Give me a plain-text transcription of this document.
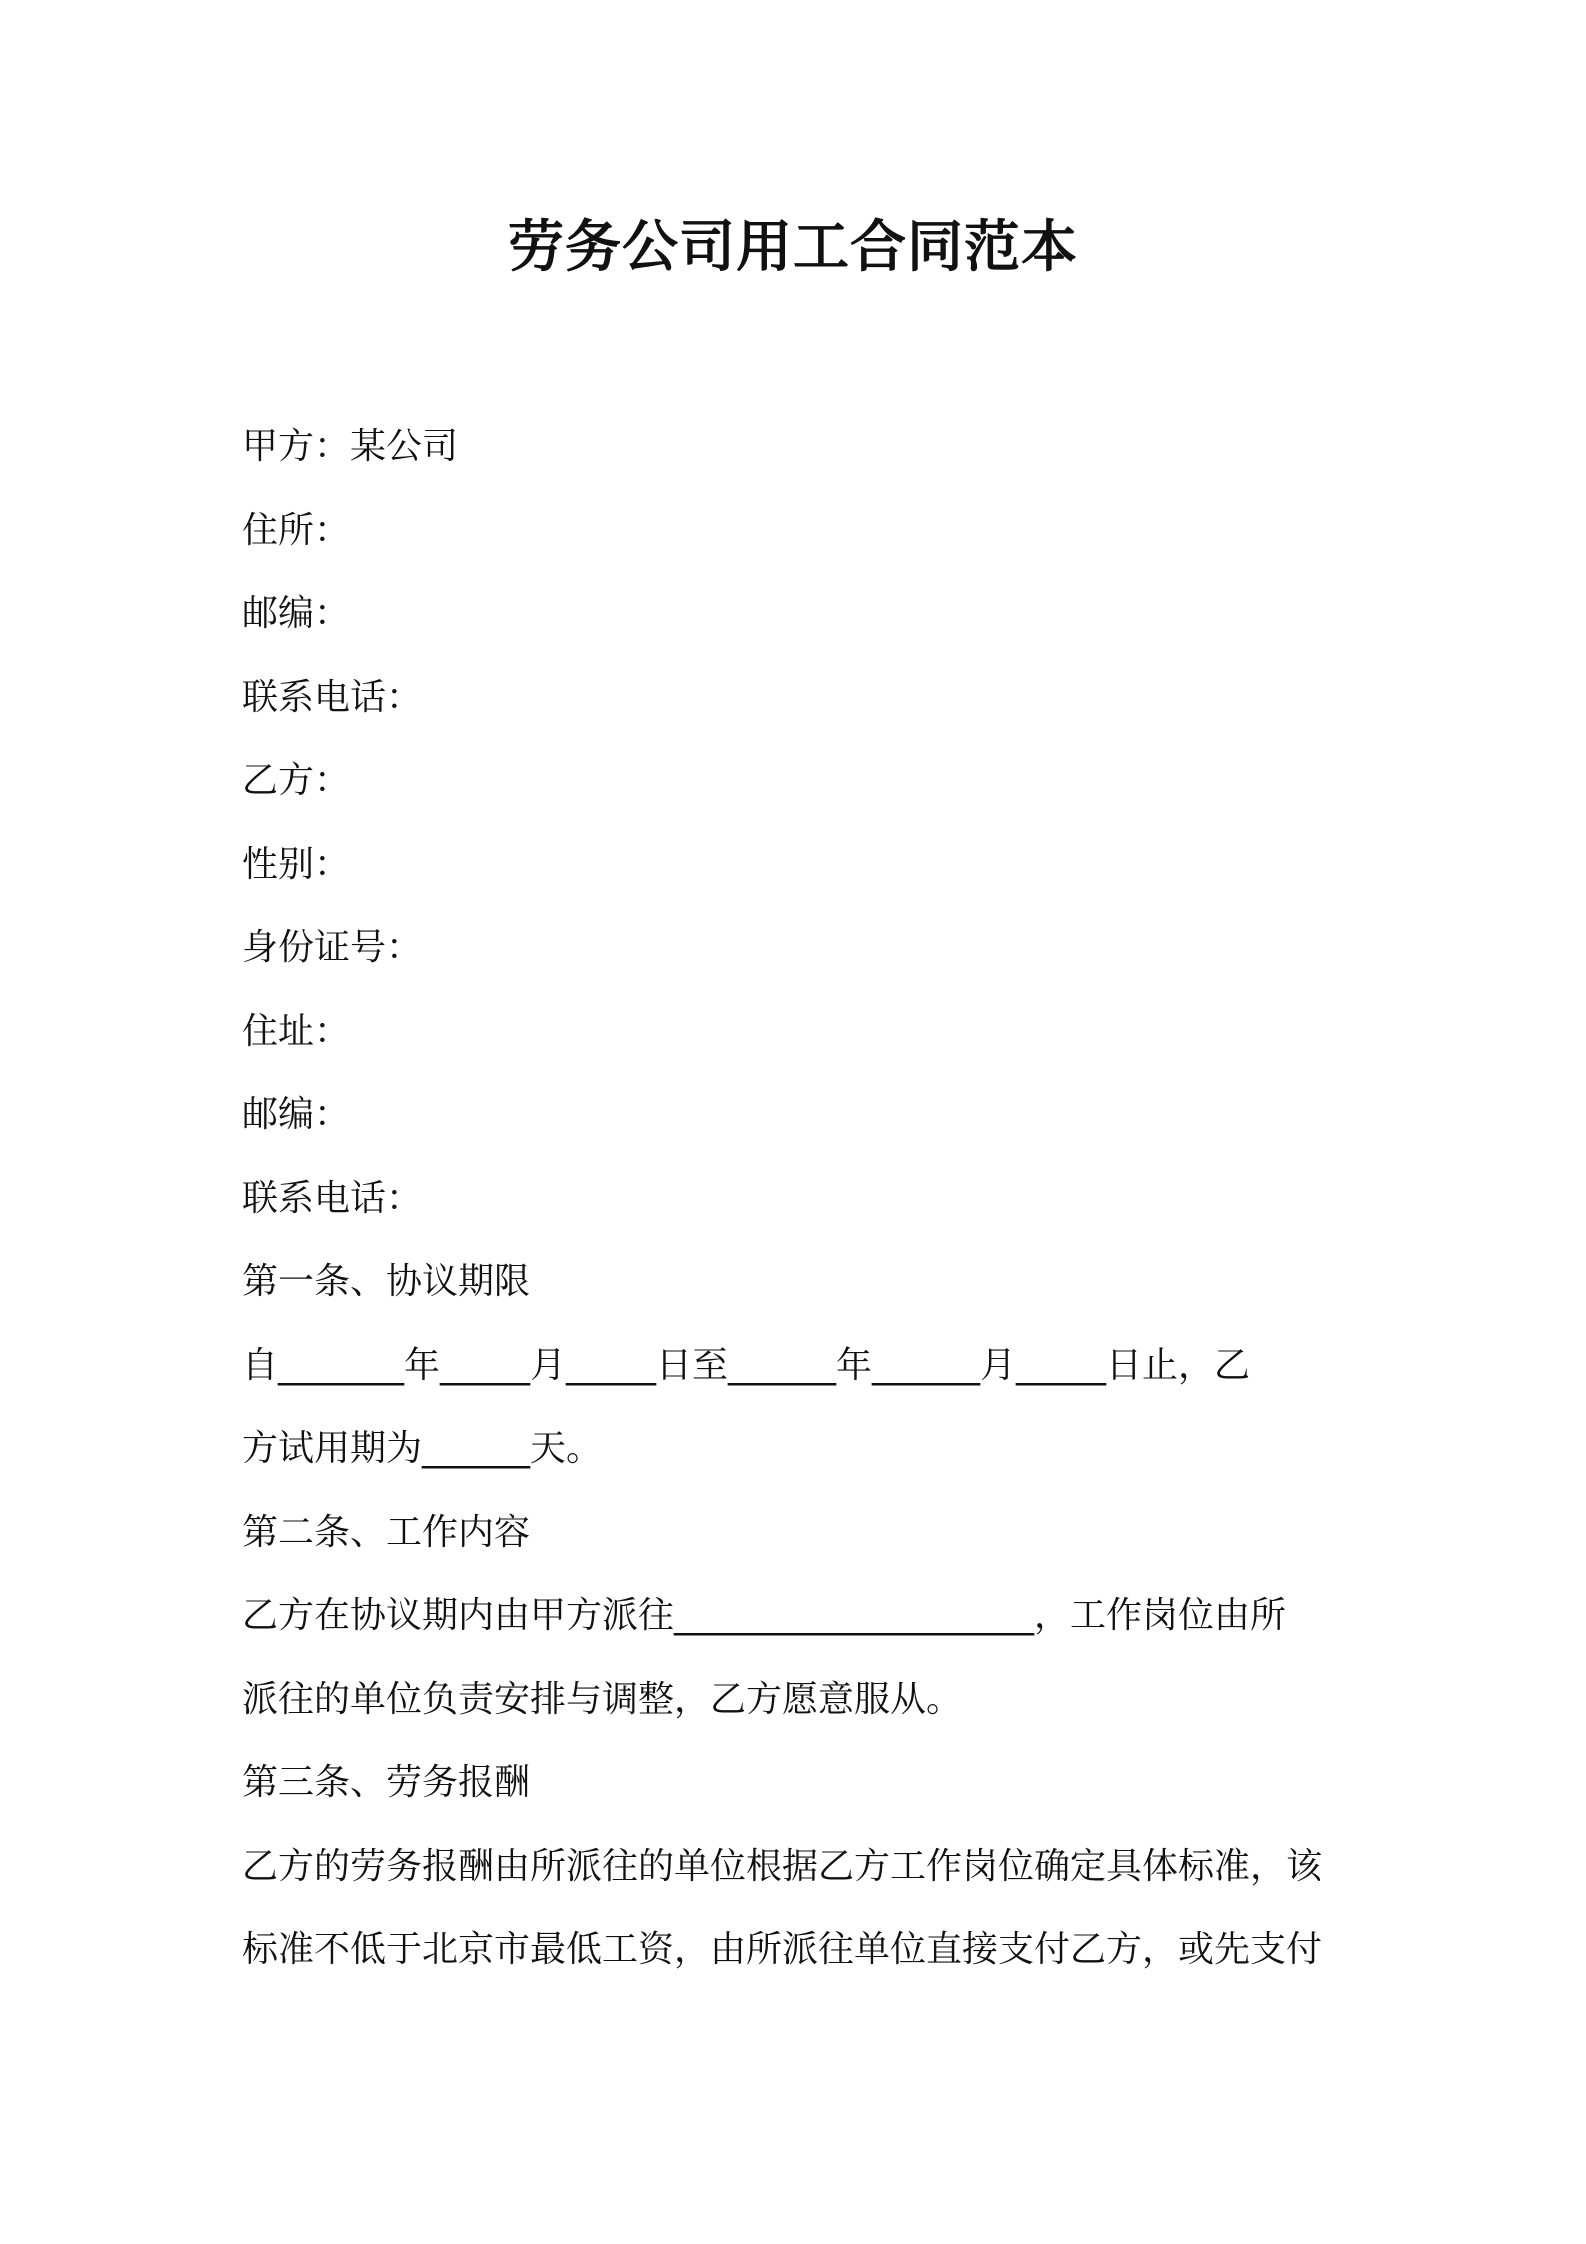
劳务公司用工合同范本
甲方：某公司
住所：
邮编：
联系电话：
乙方：
性别：
身份证号：
住址：
邮编：
联系电话：
第一条、协议期限
自_______年_____月_____日至______年______月_____日止，乙
方试用期为______天。
第二条、工作内容
乙方在协议期内由甲方派往____________________，工作岗位由所
派往的单位负责安排与调整，乙方愿意服从。
第三条、劳务报酬
乙方的劳务报酬由所派往的单位根据乙方工作岗位确定具体标准，该
标准不低于北京市最低工资，由所派往单位直接支付乙方，或先支付
